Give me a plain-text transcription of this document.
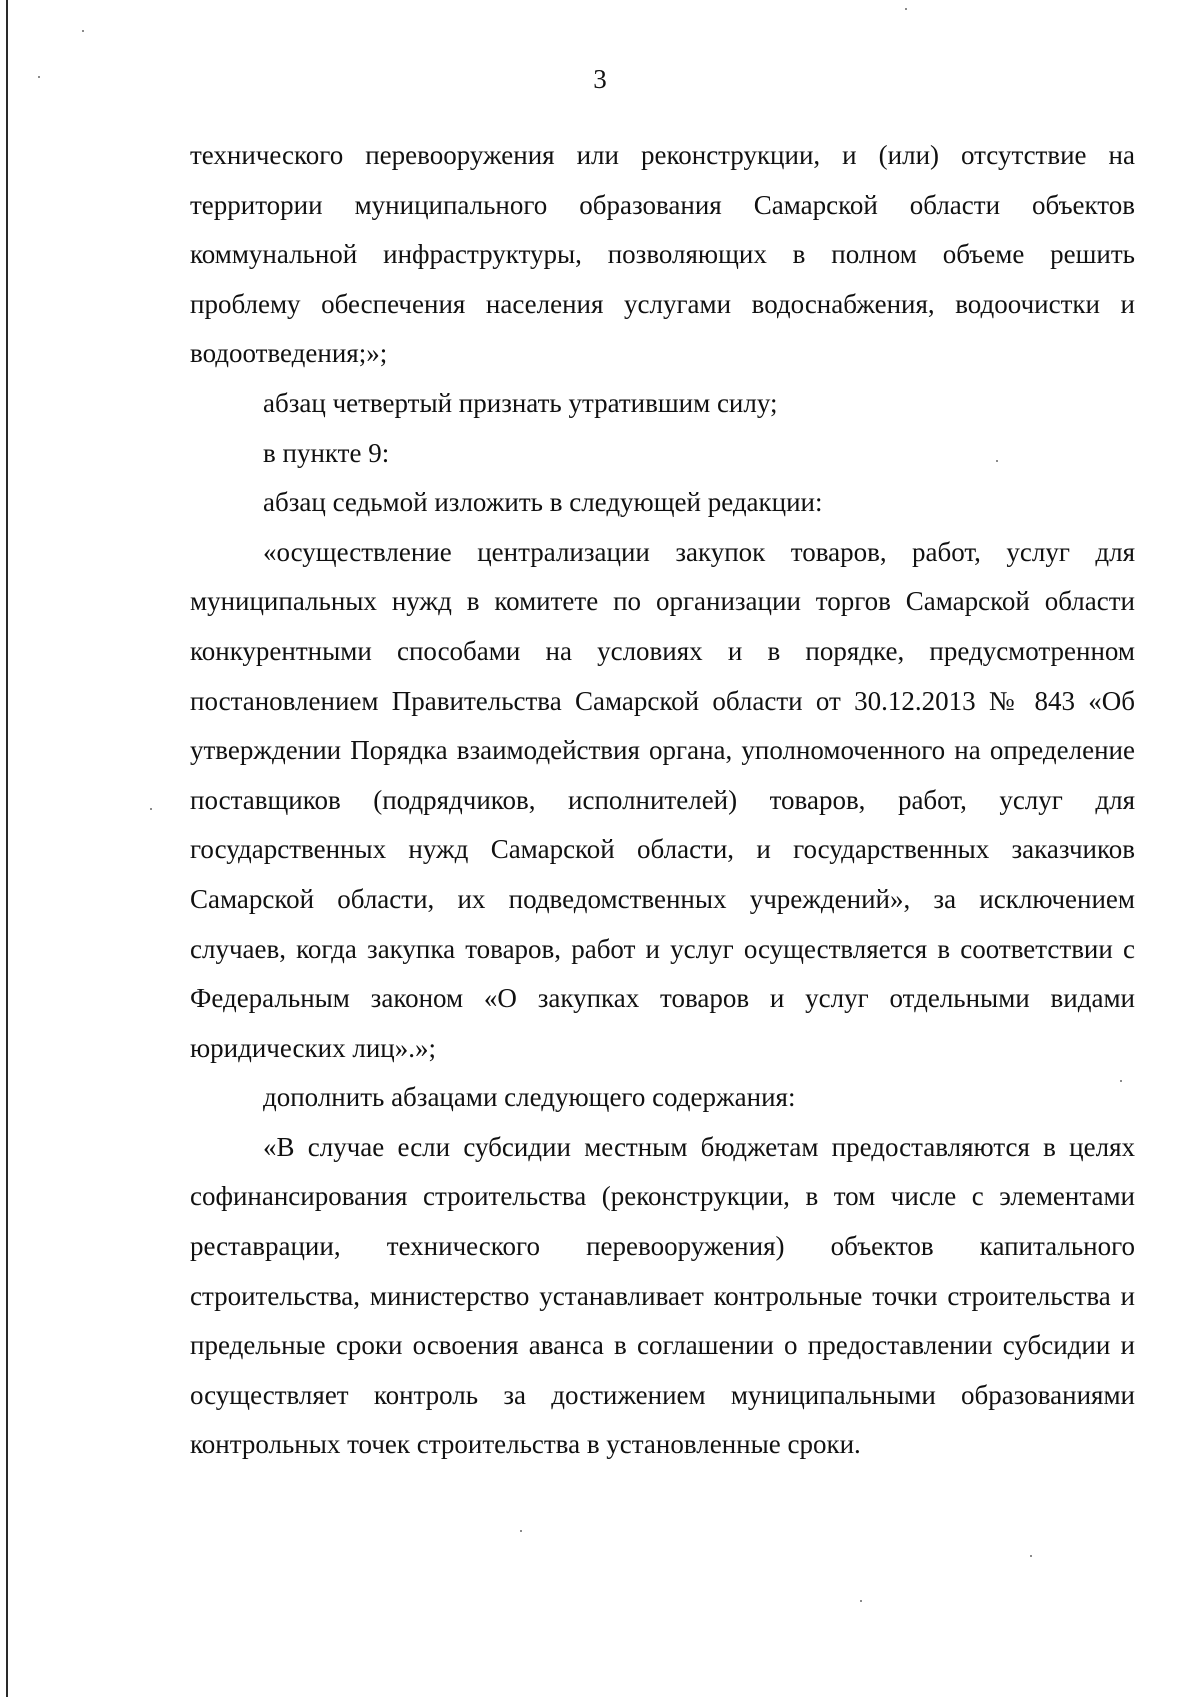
3

технического перевооружения или реконструкции, и (или) отсутствие на территории муниципального образования Самарской области объектов коммунальной инфраструктуры, позволяющих в полном объеме решить проблему обеспечения населения услугами водоснабжения, водоочистки и водоотведения;»;

абзац четвертый признать утратившим силу;

в пункте 9:

абзац седьмой изложить в следующей редакции:

«осуществление централизации закупок товаров, работ, услуг для муниципальных нужд в комитете по организации торгов Самарской области конкурентными способами на условиях и в порядке, предусмотренном постановлением Правительства Самарской области от 30.12.2013 № 843 «Об утверждении Порядка взаимодействия органа, уполномоченного на определение поставщиков (подрядчиков, исполнителей) товаров, работ, услуг для государственных нужд Самарской области, и государственных заказчиков Самарской области, их подведомственных учреждений», за исключением случаев, когда закупка товаров, работ и услуг осуществляется в соответствии с Федеральным законом «О закупках товаров и услуг отдельными видами юридических лиц».»;

дополнить абзацами следующего содержания:

«В случае если субсидии местным бюджетам предоставляются в целях софинансирования строительства (реконструкции, в том числе с элементами реставрации, технического перевооружения) объектов капитального строительства, министерство устанавливает контрольные точки строительства и предельные сроки освоения аванса в соглашении о предоставлении субсидии и осуществляет контроль за достижением муниципальными образованиями контрольных точек строительства в установленные сроки.
